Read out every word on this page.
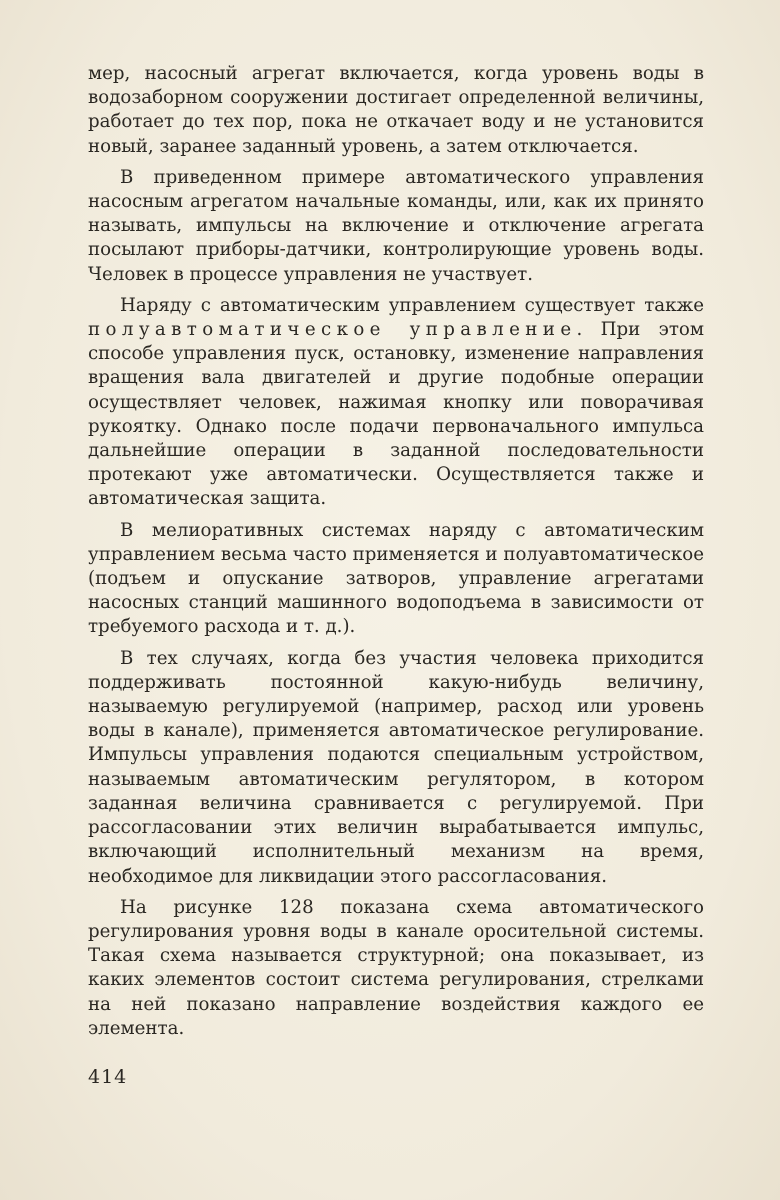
мер, насосный агрегат включается, когда уровень воды в водозаборном сооружении достигает определенной величины, работает до тех пор, пока не откачает воду и не установится новый, заранее заданный уровень, а затем отключается.

В приведенном примере автоматического управления насосным агрегатом начальные команды, или, как их принято называть, импульсы на включение и отключение агрегата посылают приборы-датчики, контролирующие уровень воды. Человек в процессе управления не участвует.

Наряду с автоматическим управлением существует также полуавтоматическое управление. При этом способе управления пуск, остановку, изменение направления вращения вала двигателей и другие подобные операции осуществляет человек, нажимая кнопку или поворачивая рукоятку. Однако после подачи первоначального импульса дальнейшие операции в заданной последовательности протекают уже автоматически. Осуществляется также и автоматическая защита.

В мелиоративных системах наряду с автоматическим управлением весьма часто применяется и полуавтоматическое (подъем и опускание затворов, управление агрегатами насосных станций машинного водоподъема в зависимости от требуемого расхода и т. д.).

В тех случаях, когда без участия человека приходится поддерживать постоянной какую-нибудь величину, называемую регулируемой (например, расход или уровень воды в канале), применяется автоматическое регулирование. Импульсы управления подаются специальным устройством, называемым автоматическим регулятором, в котором заданная величина сравнивается с регулируемой. При рассогласовании этих величин вырабатывается импульс, включающий исполнительный механизм на время, необходимое для ликвидации этого рассогласования.

На рисунке 128 показана схема автоматического регулирования уровня воды в канале оросительной системы. Такая схема называется структурной; она показывает, из каких элементов состоит система регулирования, стрелками на ней показано направление воздействия каждого ее элемента.

414
